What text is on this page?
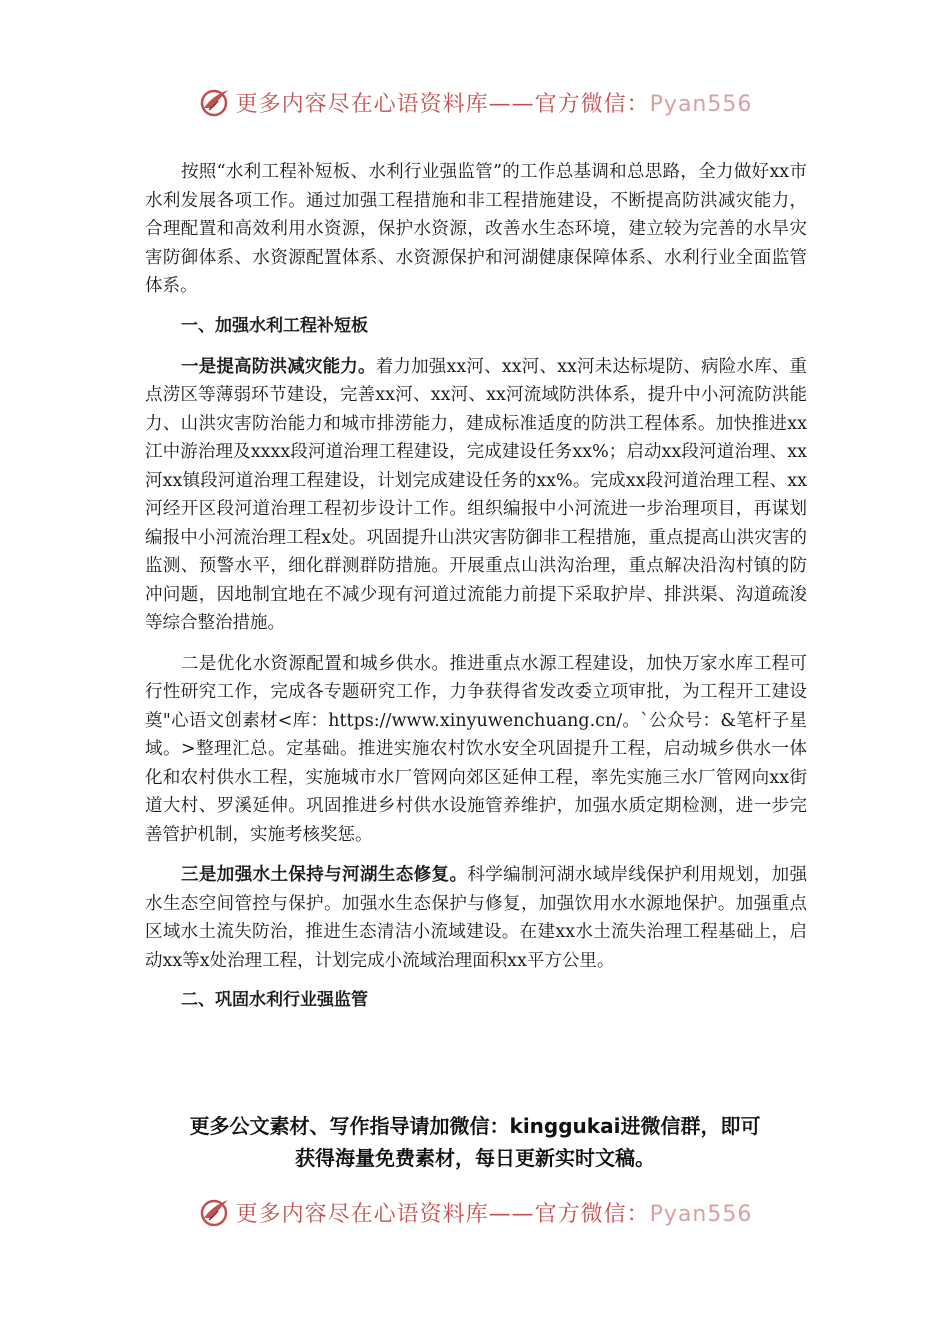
更多内容尽在心语资料库——官方微信：Pyan556

按照“水利工程补短板、水利行业强监管”的工作总基调和总思路，全力做好xx市水利发展各项工作。通过加强工程措施和非工程措施建设，不断提高防洪减灾能力，合理配置和高效利用水资源，保护水资源，改善水生态环境，建立较为完善的水旱灾害防御体系、水资源配置体系、水资源保护和河湖健康保障体系、水利行业全面监管体系。

一、加强水利工程补短板

一是提高防洪减灾能力。着力加强xx河、xx河、xx河未达标堤防、病险水库、重点涝区等薄弱环节建设，完善xx河、xx河、xx河流域防洪体系，提升中小河流防洪能力、山洪灾害防治能力和城市排涝能力，建成标准适度的防洪工程体系。加快推进xx江中游治理及xxxx段河道治理工程建设，完成建设任务xx%；启动xx段河道治理、xx河xx镇段河道治理工程建设，计划完成建设任务的xx%。完成xx段河道治理工程、xx河经开区段河道治理工程初步设计工作。组织编报中小河流进一步治理项目，再谋划编报中小河流治理工程x处。巩固提升山洪灾害防御非工程措施，重点提高山洪灾害的监测、预警水平，细化群测群防措施。开展重点山洪沟治理，重点解决沿沟村镇的防冲问题，因地制宜地在不减少现有河道过流能力前提下采取护岸、排洪渠、沟道疏浚等综合整治措施。

二是优化水资源配置和城乡供水。推进重点水源工程建设，加快万家水库工程可行性研究工作，完成各专题研究工作，力争获得省发改委立项审批，为工程开工建设奠"心语文创素材<库：https://www.xinyuwenchuang.cn/。`公众号：&笔杆子星域。>整理汇总。定基础。推进实施农村饮水安全巩固提升工程，启动城乡供水一体化和农村供水工程，实施城市水厂管网向郊区延伸工程，率先实施三水厂管网向xx街道大村、罗溪延伸。巩固推进乡村供水设施管养维护，加强水质定期检测，进一步完善管护机制，实施考核奖惩。

三是加强水土保持与河湖生态修复。科学编制河湖水域岸线保护利用规划，加强水生态空间管控与保护。加强水生态保护与修复，加强饮用水水源地保护。加强重点区域水土流失防治，推进生态清洁小流域建设。在建xx水土流失治理工程基础上，启动xx等x处治理工程，计划完成小流域治理面积xx平方公里。

二、巩固水利行业强监管

更多公文素材、写作指导请加微信：kinggukai进微信群，即可
获得海量免费素材，每日更新实时文稿。
更多内容尽在心语资料库——官方微信：Pyan556
